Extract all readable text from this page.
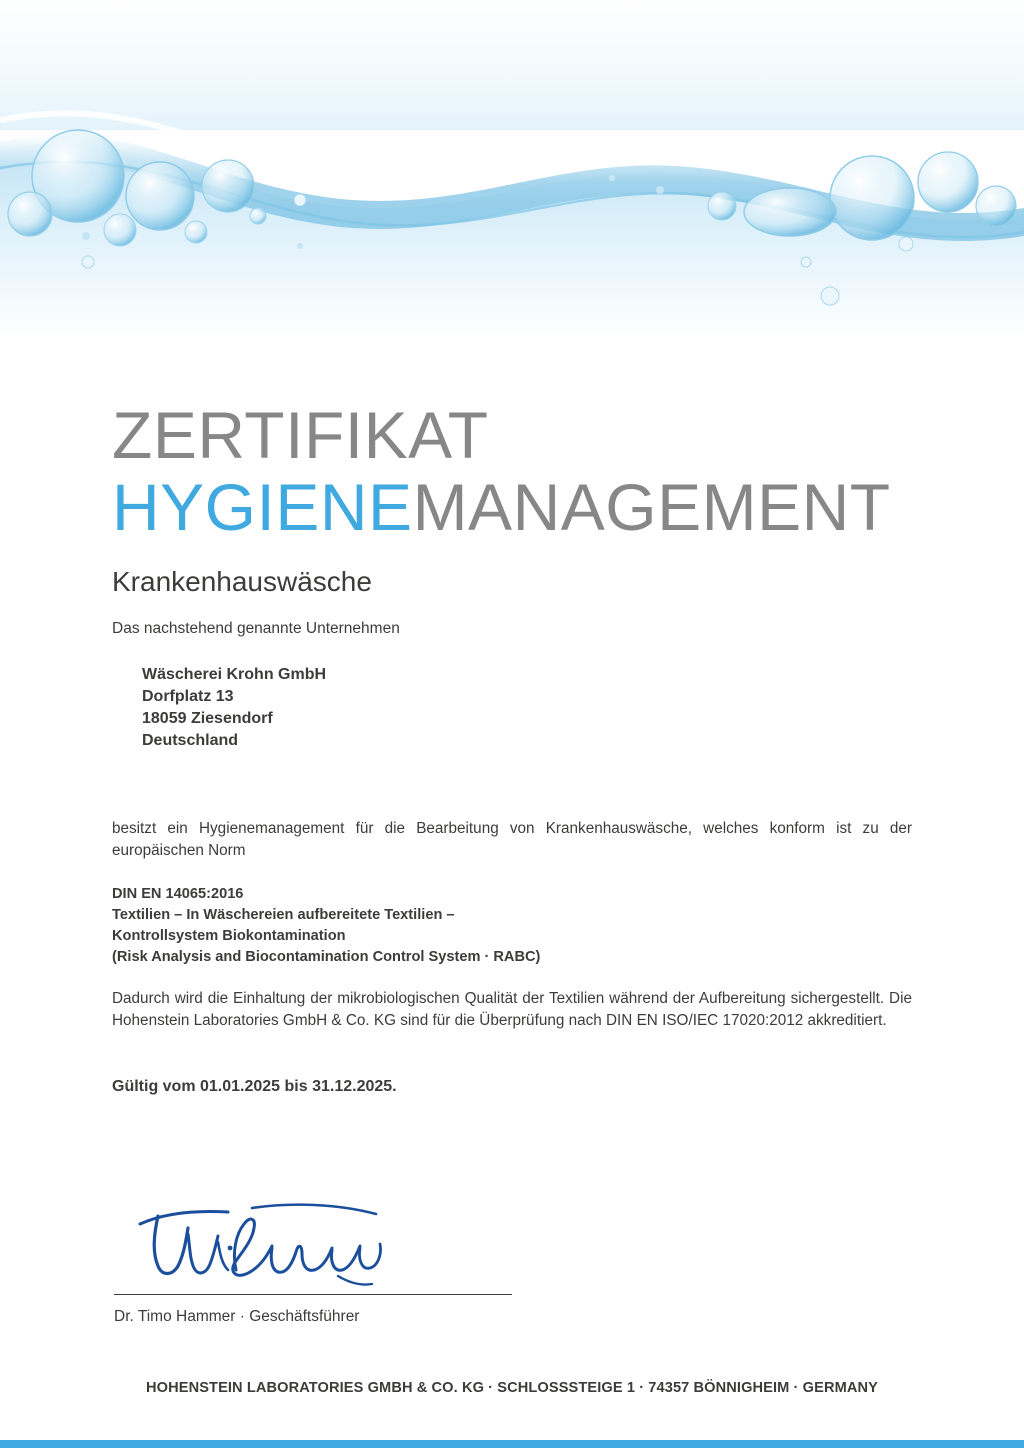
ZERTIFIKAT
HYGIENEMANAGEMENT
Krankenhauswäsche
Das nachstehend genannte Unternehmen
Wäscherei Krohn GmbH
Dorfplatz 13
18059 Ziesendorf
Deutschland
besitzt ein Hygienemanagement für die Bearbeitung von Krankenhauswäsche, welches konform ist zu der europäischen Norm
DIN EN 14065:2016
Textilien – In Wäschereien aufbereitete Textilien –
Kontrollsystem Biokontamination
(Risk Analysis and Biocontamination Control System · RABC)
Dadurch wird die Einhaltung der mikrobiologischen Qualität der Textilien während der Aufbereitung sichergestellt. Die Hohenstein Laboratories GmbH & Co. KG sind für die Überprüfung nach DIN EN ISO/IEC 17020:2012 akkreditiert.
Gültig vom 01.01.2025 bis 31.12.2025.
Dr. Timo Hammer · Geschäftsführer
HOHENSTEIN LABORATORIES GMBH & CO. KG · SCHLOSSSTEIGE 1 · 74357 BÖNNIGHEIM · GERMANY
